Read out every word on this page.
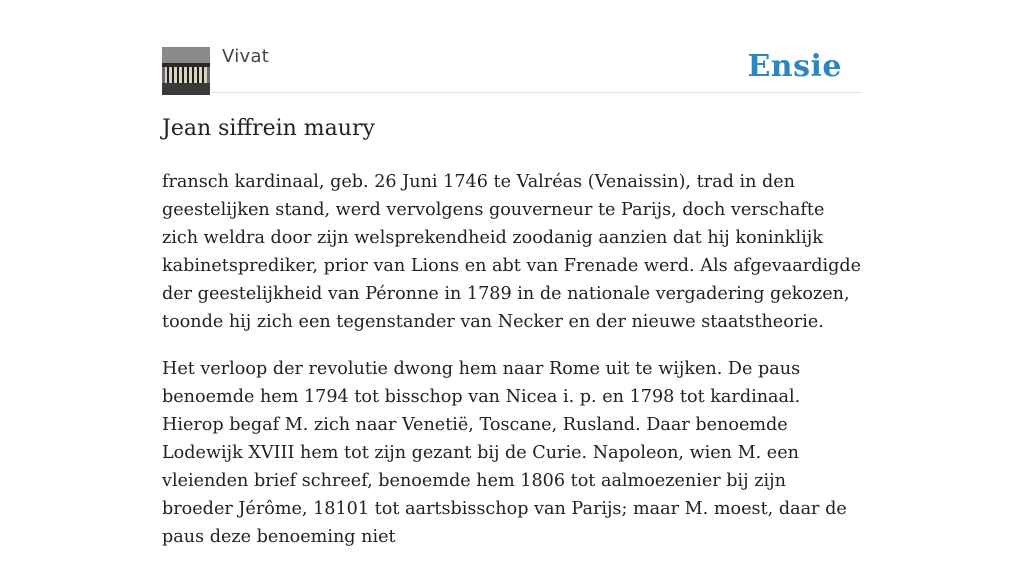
Vivat	Ensie
Jean siffrein maury

fransch kardinaal, geb. 26 Juni 1746 te Valréas (Venaissin), trad in den geestelijken stand, werd vervolgens gouverneur te Parijs, doch verschafte zich weldra door zijn welsprekendheid zoodanig aanzien dat hij koninklijk kabinetsprediker, prior van Lions en abt van Frenade werd. Als afgevaardigde der geestelijkheid van Péronne in 1789 in de nationale vergadering gekozen, toonde hij zich een tegenstander van Necker en der nieuwe staatstheorie.

Het verloop der revolutie dwong hem naar Rome uit te wijken. De paus benoemde hem 1794 tot bisschop van Nicea i. p. en 1798 tot kardinaal. Hierop begaf M. zich naar Venetië, Toscane, Rusland. Daar benoemde Lodewijk XVIII hem tot zijn gezant bij de Curie. Napoleon, wien M. een vleienden brief schreef, benoemde hem 1806 tot aalmoezenier bij zijn broeder Jérôme, 18101 tot aartsbisschop van Parijs; maar M. moest, daar de paus deze benoeming niet
